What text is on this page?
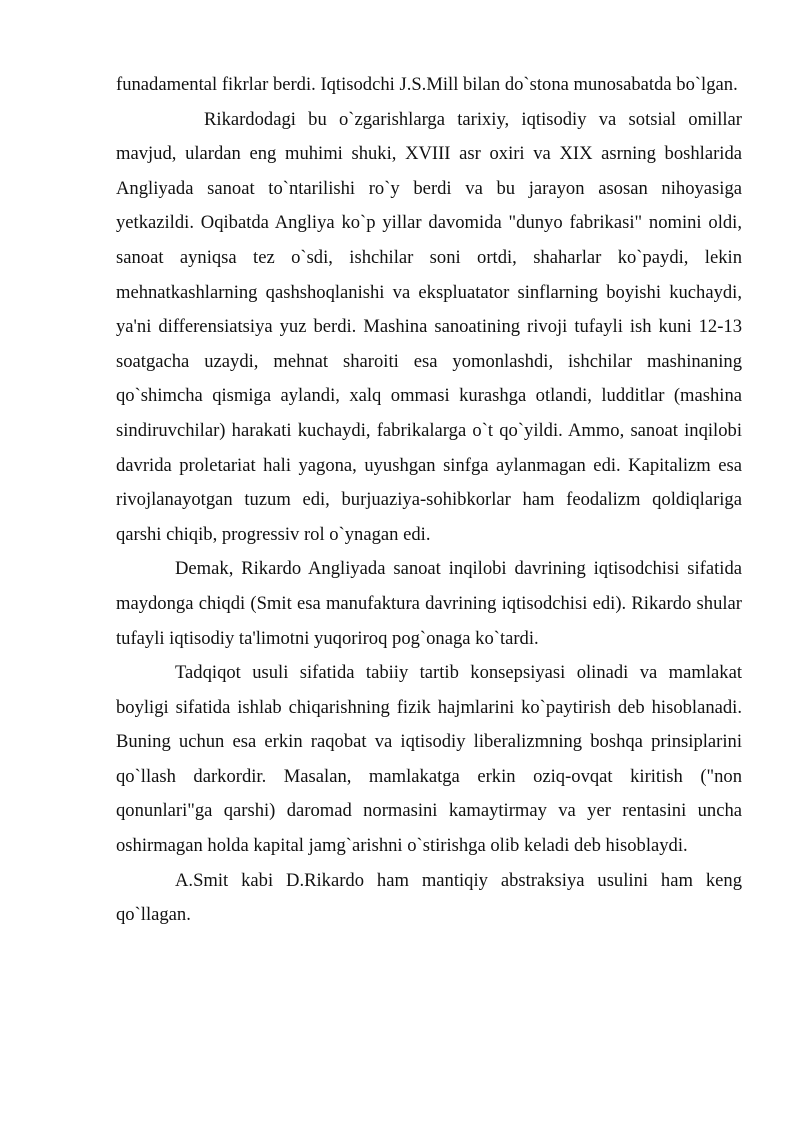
funadamental fikrlar berdi. Iqtisodchi J.S.Mill bilan do`stona munosabatda bo`lgan.

Rikardodagi bu o`zgarishlarga tarixiy, iqtisodiy va sotsial omillar mavjud, ulardan eng muhimi shuki, XVIII asr oxiri va XIX asrning boshlarida Angliyada sanoat to`ntarilishi ro`y berdi va bu jarayon asosan nihoyasiga yetkazildi. Oqibatda Angliya ko`p yillar davomida "dunyo fabrikasi" nomini oldi, sanoat ayniqsa tez o`sdi, ishchilar soni ortdi, shaharlar ko`paydi, lekin mehnatkashlarning qashshoqlanishi va ekspluatator sinflarning boyishi kuchaydi, ya'ni differensiatsiya yuz berdi. Mashina sanoatining rivoji tufayli ish kuni 12-13 soatgacha uzaydi, mehnat sharoiti esa yomonlashdi, ishchilar mashinaning qo`shimcha qismiga aylandi, xalq ommasi kurashga otlandi, ludditlar (mashina sindiruvchilar) harakati kuchaydi, fabrikalarga o`t qo`yildi. Ammo, sanoat inqilobi davrida proletariat hali yagona, uyushgan sinfga aylanmagan edi. Kapitalizm esa rivojlanayotgan tuzum edi, burjuaziya-sohibkorlar ham feodalizm qoldiqlariga qarshi chiqib, progressiv rol o`ynagan edi.

Demak, Rikardo Angliyada sanoat inqilobi davrining iqtisodchisi sifatida maydonga chiqdi (Smit esa manufaktura davrining iqtisodchisi edi). Rikardo shular tufayli iqtisodiy ta'limotni yuqoriroq pog`onaga ko`tardi.

Tadqiqot usuli sifatida tabiiy tartib konsepsiyasi olinadi va mamlakat boyligi sifatida ishlab chiqarishning fizik hajmlarini ko`paytirish deb hisoblanadi. Buning uchun esa erkin raqobat va iqtisodiy liberalizmning boshqa prinsiplarini qo`llash darkordir. Masalan, mamlakatga erkin oziq-ovqat kiritish ("non qonunlari"ga qarshi) daromad normasini kamaytirmay va yer rentasini uncha oshirmagan holda kapital jamg`arishni o`stirishga olib keladi deb hisoblaydi.

A.Smit kabi D.Rikardo ham mantiqiy abstraksiya usulini ham keng qo`llagan.
